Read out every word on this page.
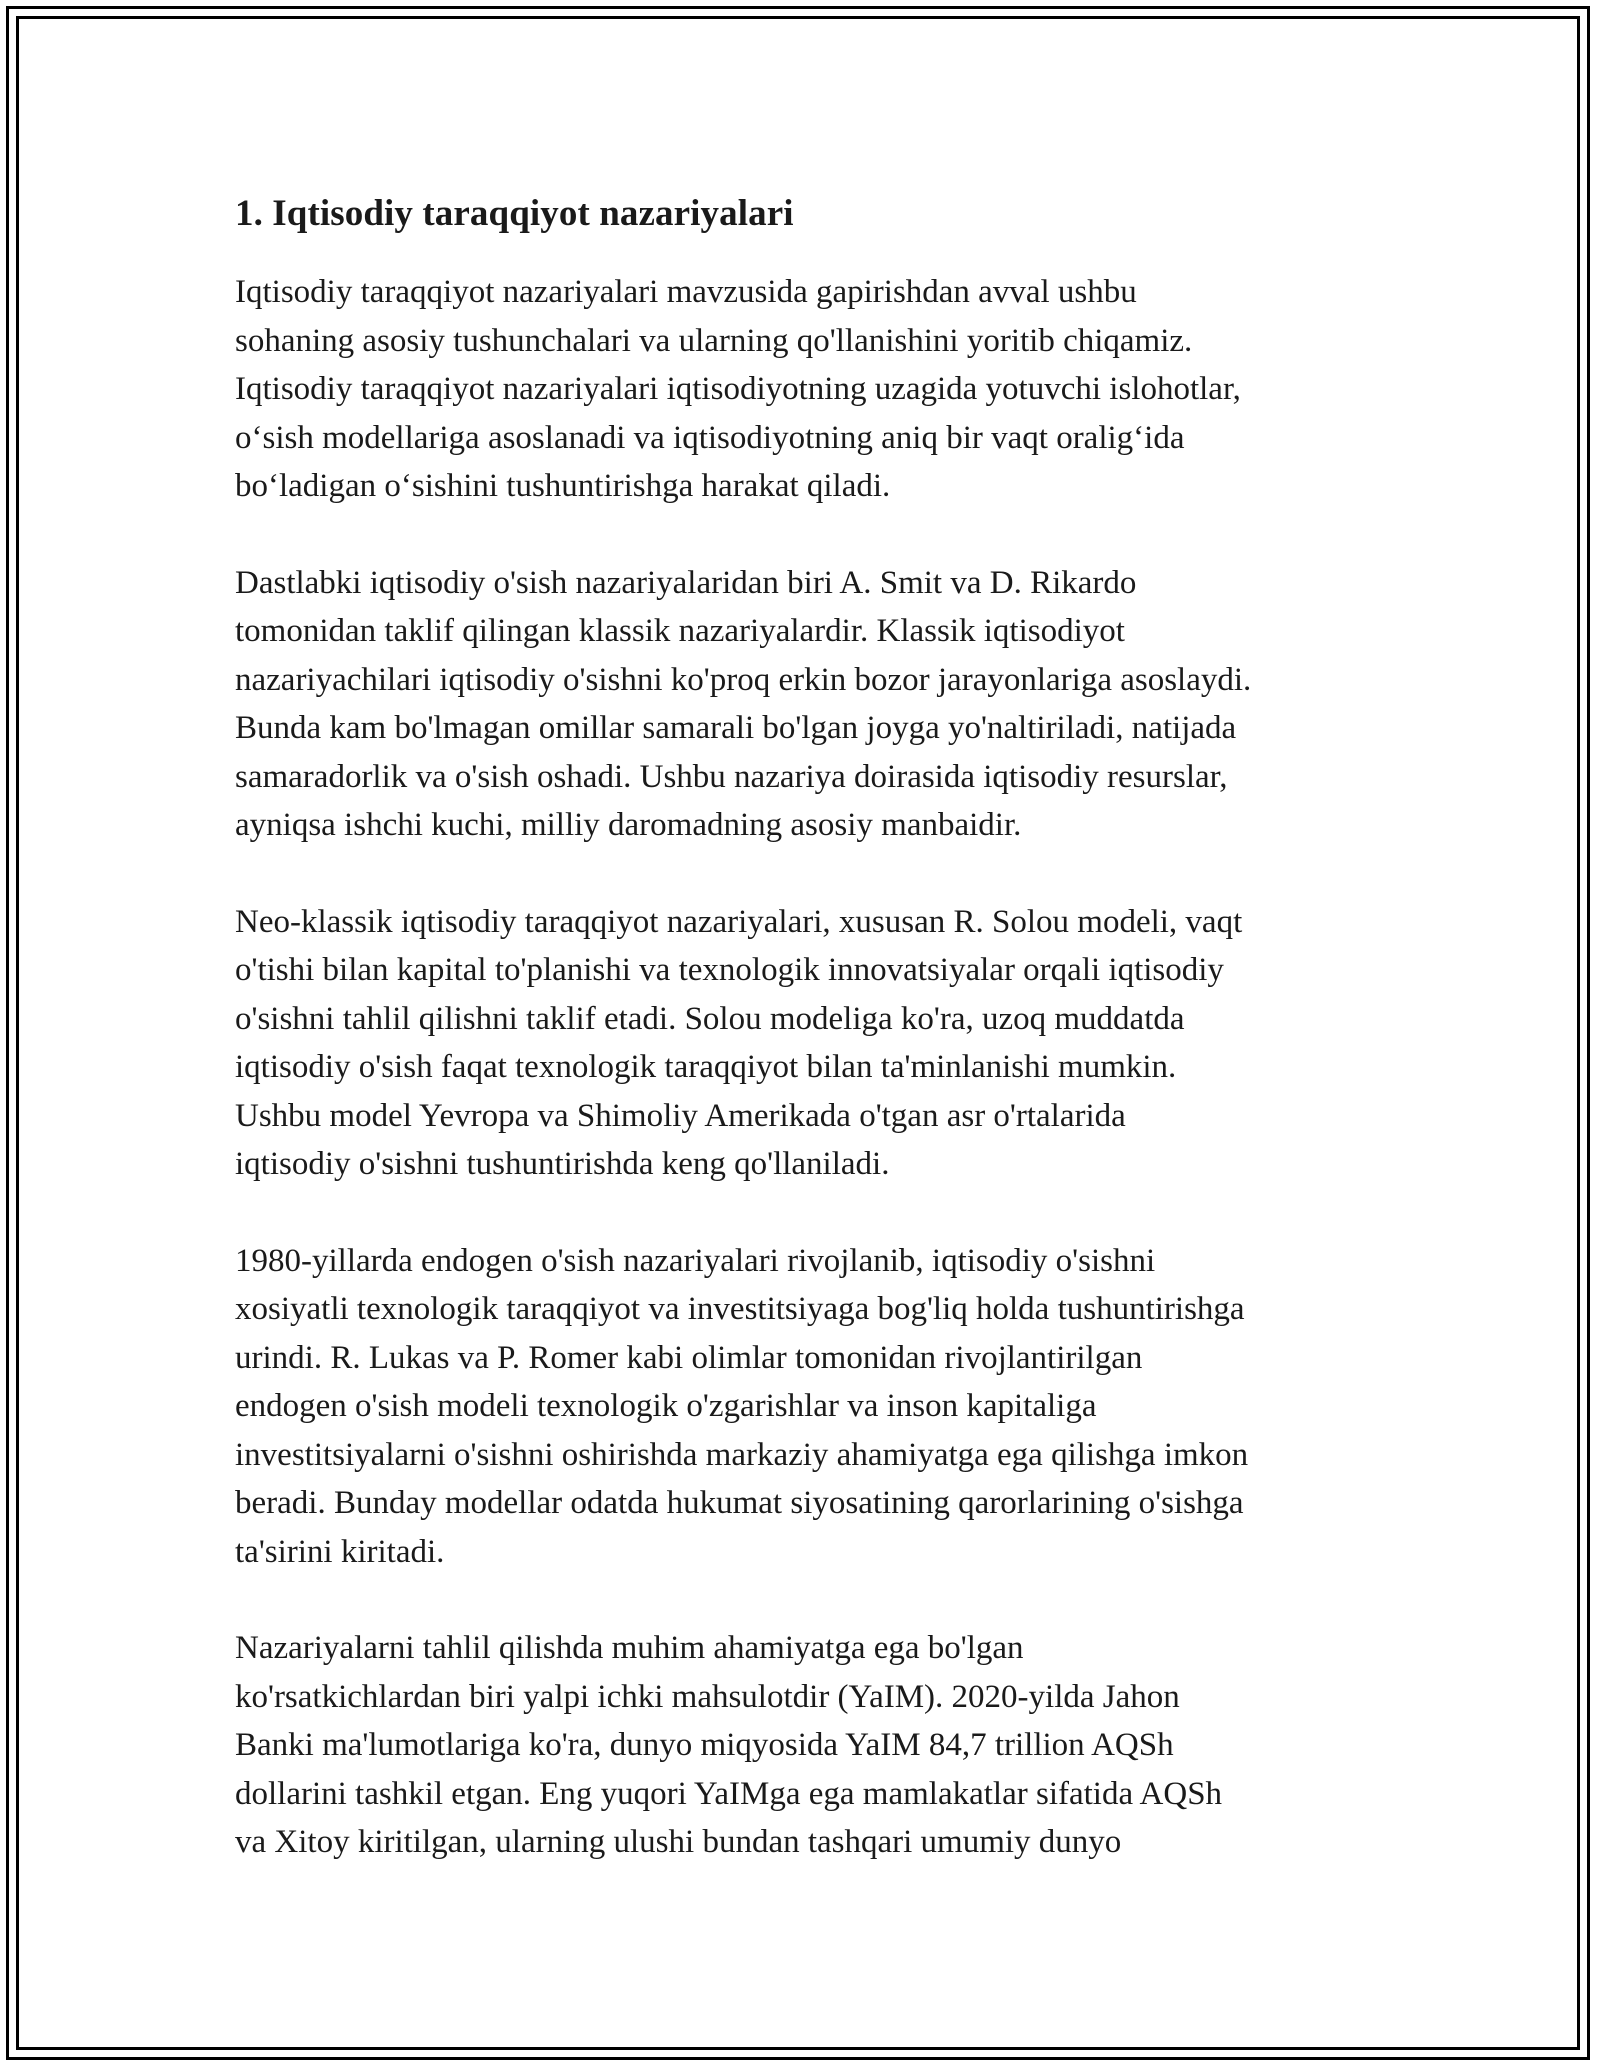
1. Iqtisodiy taraqqiyot nazariyalari

Iqtisodiy taraqqiyot nazariyalari mavzusida gapirishdan avval ushbu
sohaning asosiy tushunchalari va ularning qo'llanishini yoritib chiqamiz.
Iqtisodiy taraqqiyot nazariyalari iqtisodiyotning uzagida yotuvchi islohotlar,
o‘sish modellariga asoslanadi va iqtisodiyotning aniq bir vaqt oralig‘ida
bo‘ladigan o‘sishini tushuntirishga harakat qiladi.

Dastlabki iqtisodiy o'sish nazariyalaridan biri A. Smit va D. Rikardo
tomonidan taklif qilingan klassik nazariyalardir. Klassik iqtisodiyot
nazariyachilari iqtisodiy o'sishni ko'proq erkin bozor jarayonlariga asoslaydi.
Bunda kam bo'lmagan omillar samarali bo'lgan joyga yo'naltiriladi, natijada
samaradorlik va o'sish oshadi. Ushbu nazariya doirasida iqtisodiy resurslar,
ayniqsa ishchi kuchi, milliy daromadning asosiy manbaidir.

Neo-klassik iqtisodiy taraqqiyot nazariyalari, xususan R. Solou modeli, vaqt
o'tishi bilan kapital to'planishi va texnologik innovatsiyalar orqali iqtisodiy
o'sishni tahlil qilishni taklif etadi. Solou modeliga ko'ra, uzoq muddatda
iqtisodiy o'sish faqat texnologik taraqqiyot bilan ta'minlanishi mumkin.
Ushbu model Yevropa va Shimoliy Amerikada o'tgan asr o'rtalarida
iqtisodiy o'sishni tushuntirishda keng qo'llaniladi.

1980-yillarda endogen o'sish nazariyalari rivojlanib, iqtisodiy o'sishni
xosiyatli texnologik taraqqiyot va investitsiyaga bog'liq holda tushuntirishga
urindi. R. Lukas va P. Romer kabi olimlar tomonidan rivojlantirilgan
endogen o'sish modeli texnologik o'zgarishlar va inson kapitaliga
investitsiyalarni o'sishni oshirishda markaziy ahamiyatga ega qilishga imkon
beradi. Bunday modellar odatda hukumat siyosatining qarorlarining o'sishga
ta'sirini kiritadi.

Nazariyalarni tahlil qilishda muhim ahamiyatga ega bo'lgan
ko'rsatkichlardan biri yalpi ichki mahsulotdir (YaIM). 2020-yilda Jahon
Banki ma'lumotlariga ko'ra, dunyo miqyosida YaIM 84,7 trillion AQSh
dollarini tashkil etgan. Eng yuqori YaIMga ega mamlakatlar sifatida AQSh
va Xitoy kiritilgan, ularning ulushi bundan tashqari umumiy dunyo
